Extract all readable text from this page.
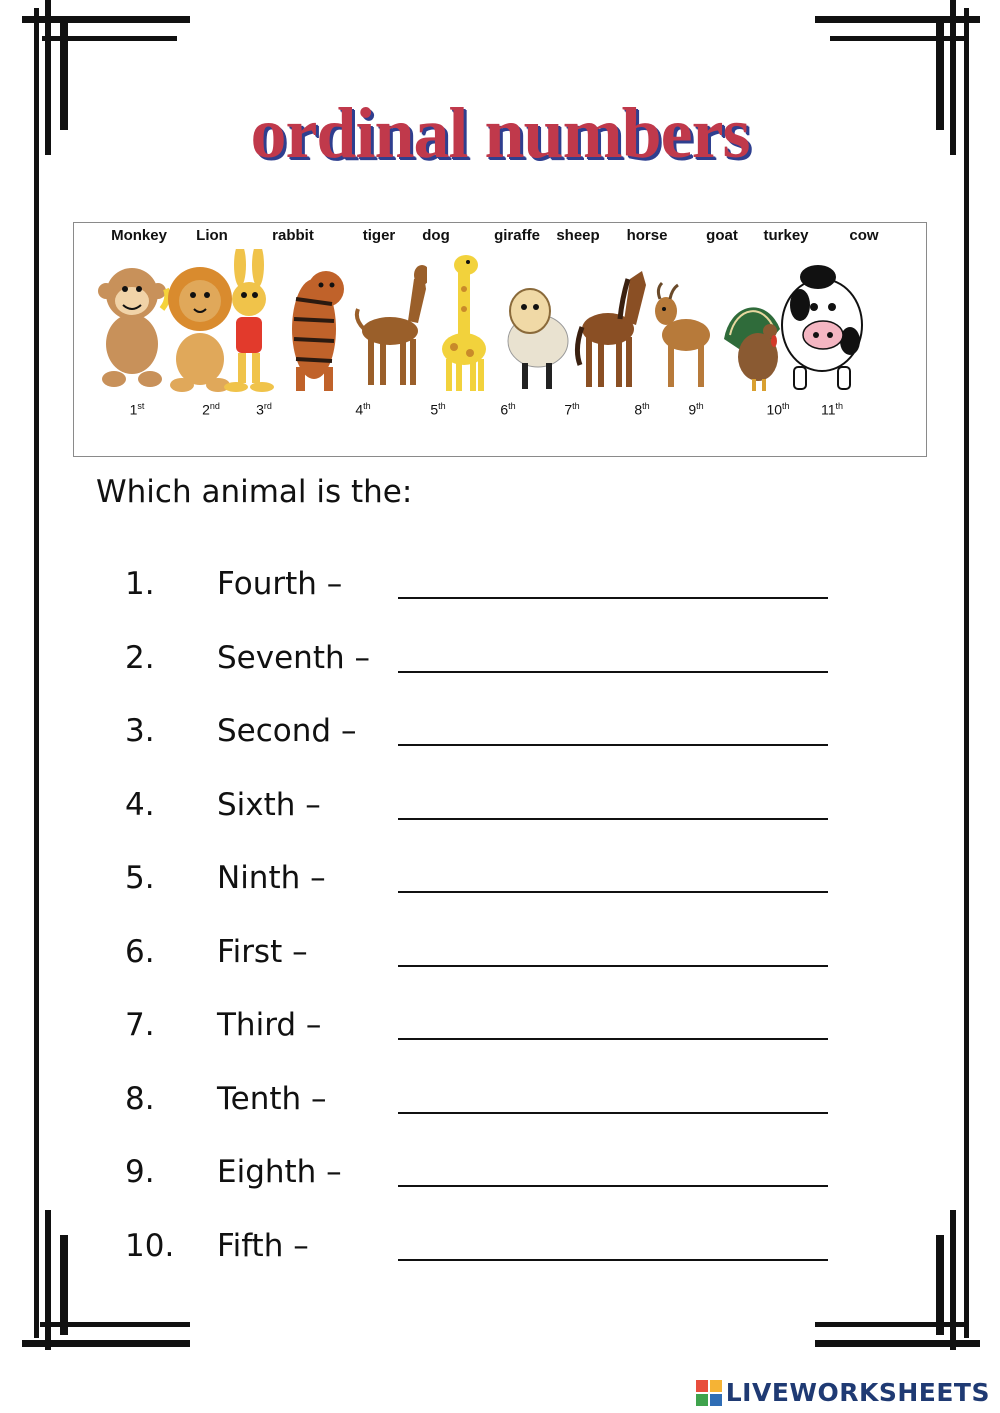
ordinal numbers
Monkey
1st
Lion
2nd
rabbit
3rd
tiger
4th
dog
5th
giraffe
6th
sheep
7th
horse
8th
goat
9th
turkey
10th
cow
11th
Which animal is the:
1. Fourth –
2. Seventh –
3. Second –
4. Sixth –
5. Ninth –
6. First –
7. Third –
8. Tenth –
9. Eighth –
10. Fifth –
LIVEWORKSHEETS
